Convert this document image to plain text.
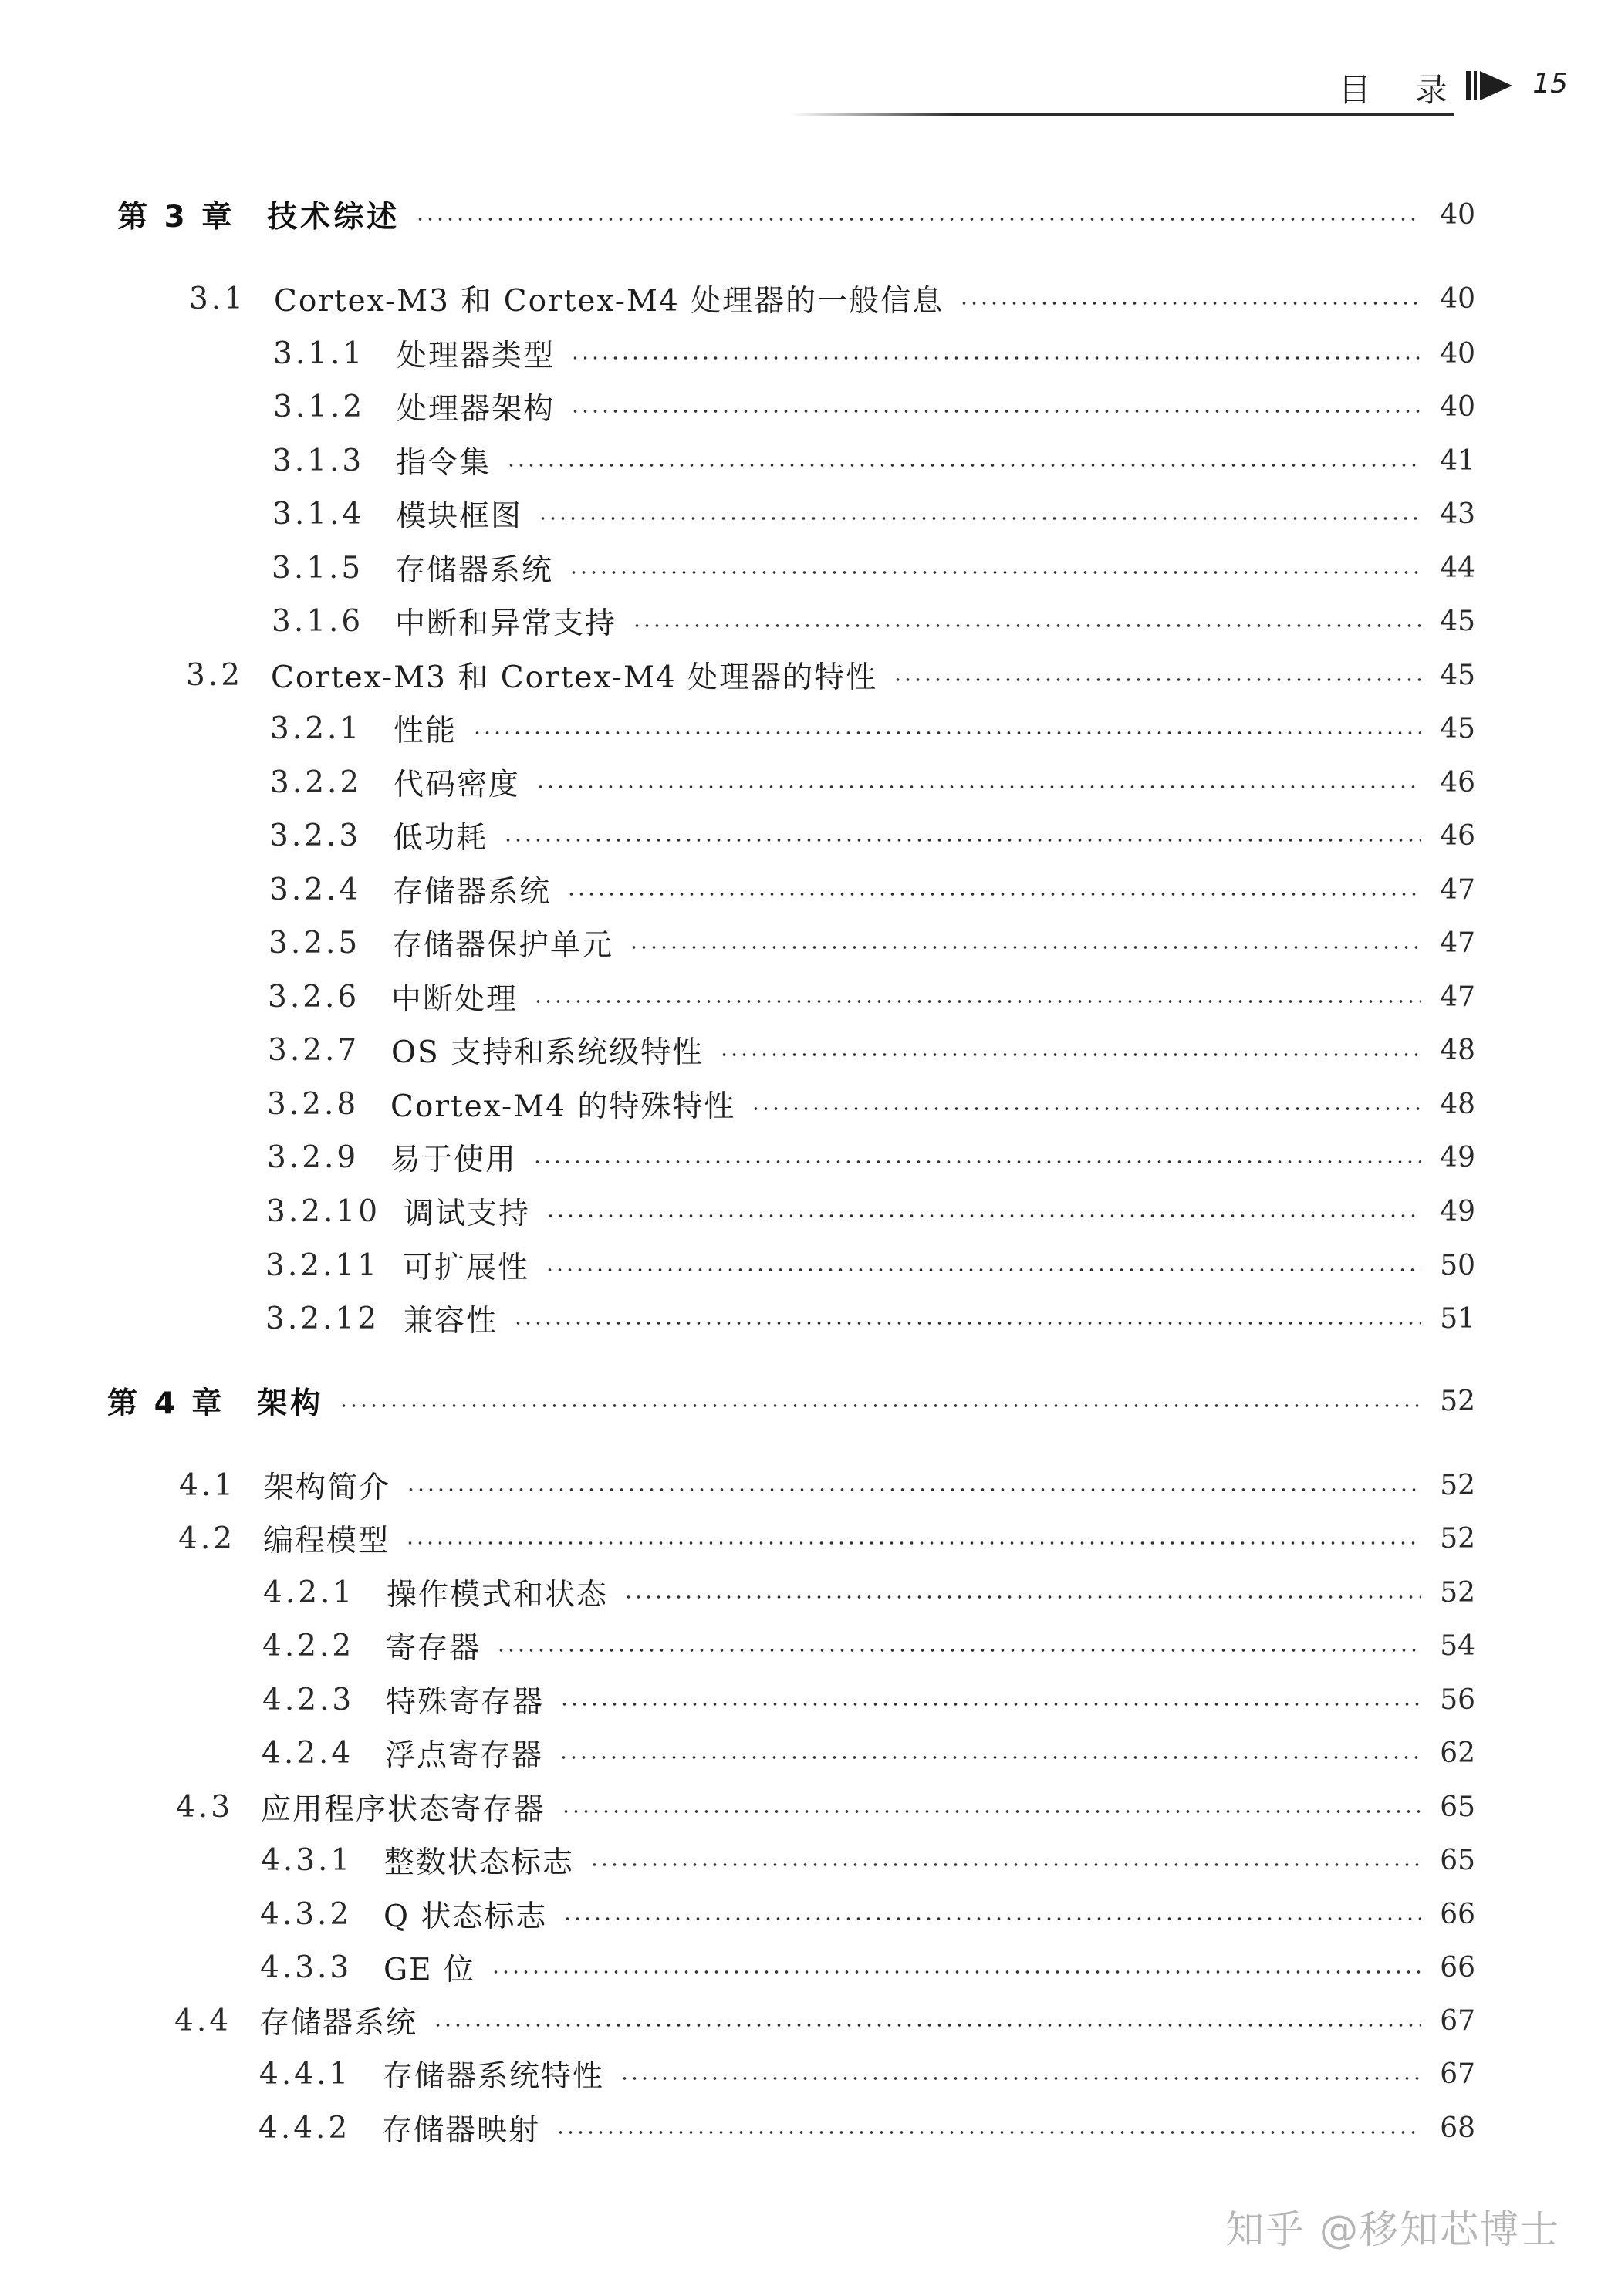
目 录 15
第 3 章 技术综述	40
3.1 Cortex-M3 和 Cortex-M4 处理器的一般信息	40
3.1.1	处理器类型	40
3.1.2	处理器架构	40
3.1.3	指令集	41
3.1.4	模块框图	43
3.1.5	存储器系统	44
3.1.6	中断和异常支持	45
3.2 Cortex-M3 和 Cortex-M4 处理器的特性	45
3.2.1	性能	45
3.2.2	代码密度	46
3.2.3	低功耗	46
3.2.4	存储器系统	47
3.2.5	存储器保护单元	47
3.2.6	中断处理	47
3.2.7	OS 支持和系统级特性	48
3.2.8	Cortex-M4 的特殊特性	48
3.2.9	易于使用	49
3.2.10 调试支持	49
3.2.11 可扩展性	50
3.2.12 兼容性	51
第 4 章 架构	52
4.1 架构简介	52
4.2 编程模型	52
4.2.1	操作模式和状态	52
4.2.2	寄存器	54
4.2.3	特殊寄存器	56
4.2.4	浮点寄存器	62
4.3 应用程序状态寄存器	65
4.3.1	整数状态标志	65
4.3.2	Q 状态标志	66
4.3.3	GE 位	66
4.4 存储器系统	67
4.4.1	存储器系统特性	67
4.4.2	存储器映射	68
知乎 @移知芯博士
